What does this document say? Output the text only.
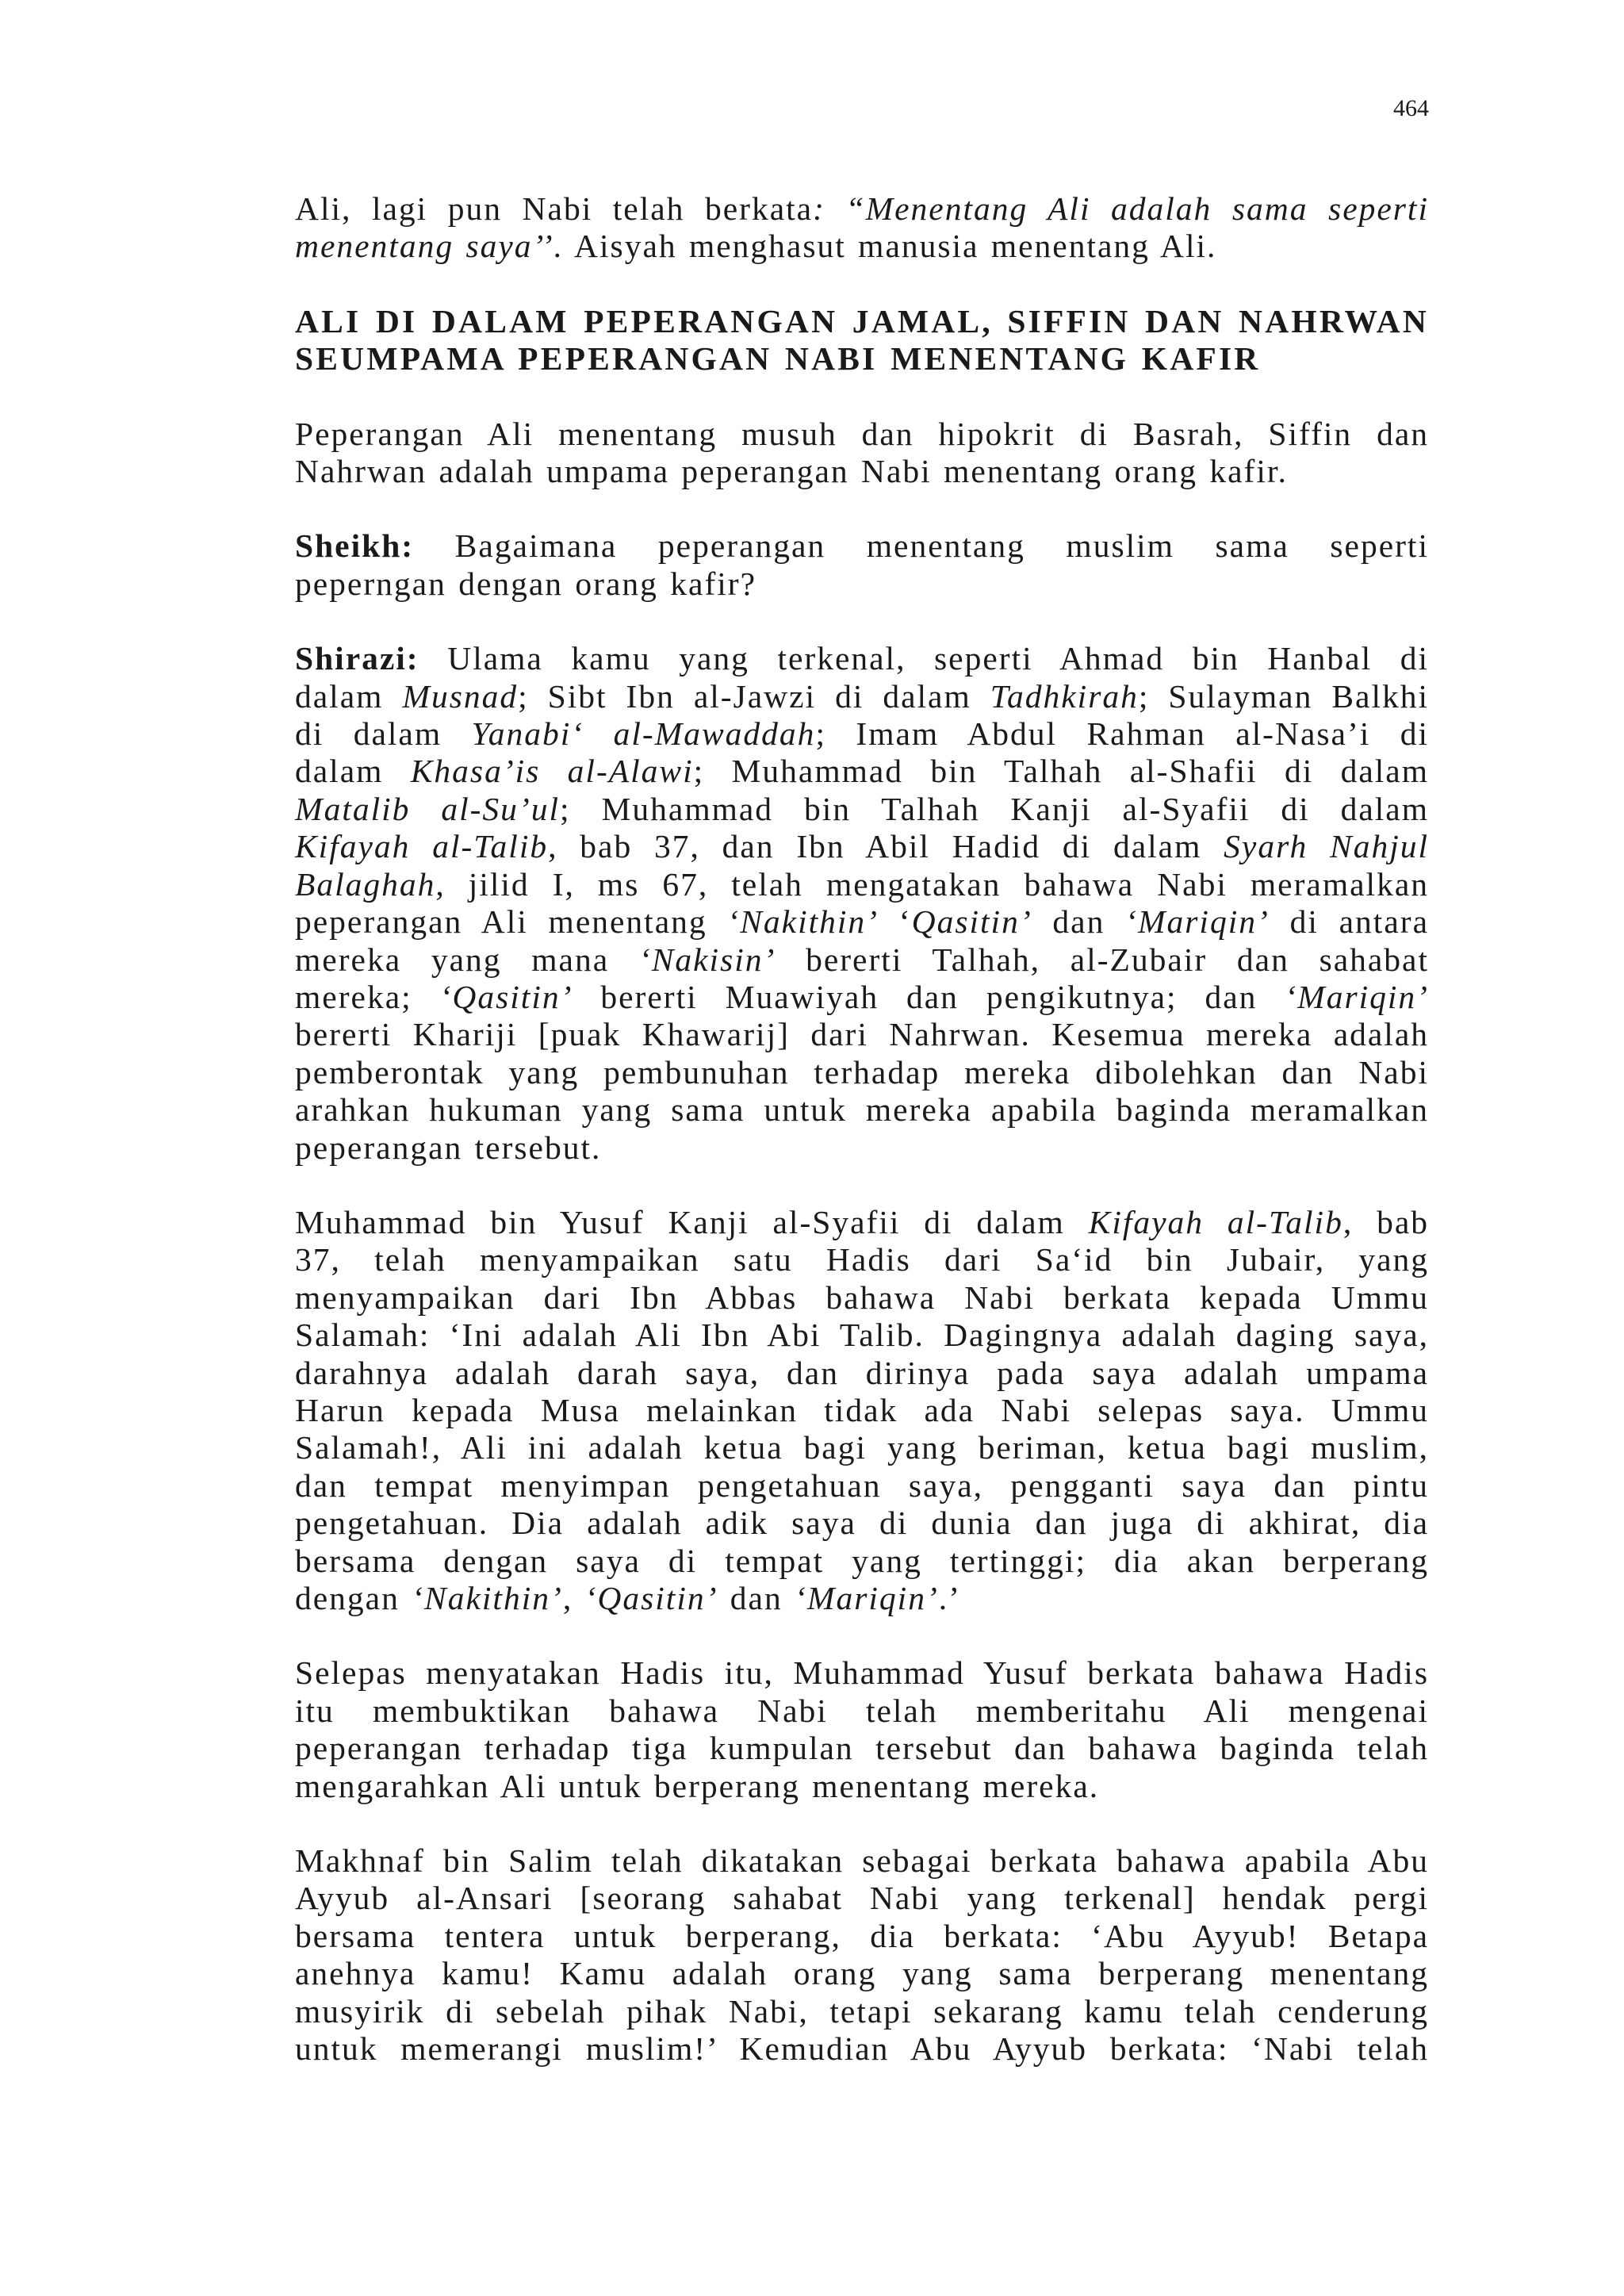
464

Ali, lagi pun Nabi telah berkata: “Menentang Ali adalah sama seperti
menentang saya’’. Aisyah menghasut manusia menentang Ali.

ALI DI DALAM PEPERANGAN JAMAL, SIFFIN DAN NAHRWAN
SEUMPAMA PEPERANGAN NABI MENENTANG KAFIR

Peperangan Ali menentang musuh dan hipokrit di Basrah, Siffin dan
Nahrwan adalah umpama peperangan Nabi menentang orang kafir.

Sheikh: Bagaimana peperangan menentang muslim sama seperti
peperngan dengan orang kafir?

Shirazi: Ulama kamu yang terkenal, seperti Ahmad bin Hanbal di
dalam Musnad; Sibt Ibn al-Jawzi di dalam Tadhkirah; Sulayman Balkhi
di dalam Yanabi‘ al-Mawaddah; Imam Abdul Rahman al-Nasa’i di
dalam Khasa’is al-Alawi; Muhammad bin Talhah al-Shafii di dalam
Matalib al-Su’ul; Muhammad bin Talhah Kanji al-Syafii di dalam
Kifayah al-Talib, bab 37, dan Ibn Abil Hadid di dalam Syarh Nahjul
Balaghah, jilid I, ms 67, telah mengatakan bahawa Nabi meramalkan
peperangan Ali menentang ‘Nakithin’ ‘Qasitin’ dan ‘Mariqin’ di antara
mereka yang mana ‘Nakisin’ bererti Talhah, al-Zubair dan sahabat
mereka; ‘Qasitin’ bererti Muawiyah dan pengikutnya; dan ‘Mariqin’
bererti Khariji [puak Khawarij] dari Nahrwan. Kesemua mereka adalah
pemberontak yang pembunuhan terhadap mereka dibolehkan dan Nabi
arahkan hukuman yang sama untuk mereka apabila baginda meramalkan
peperangan tersebut.

Muhammad bin Yusuf Kanji al-Syafii di dalam Kifayah al-Talib, bab
37, telah menyampaikan satu Hadis dari Sa‘id bin Jubair, yang
menyampaikan dari Ibn Abbas bahawa Nabi berkata kepada Ummu
Salamah: ‘Ini adalah Ali Ibn Abi Talib. Dagingnya adalah daging saya,
darahnya adalah darah saya, dan dirinya pada saya adalah umpama
Harun kepada Musa melainkan tidak ada Nabi selepas saya. Ummu
Salamah!, Ali ini adalah ketua bagi yang beriman, ketua bagi muslim,
dan tempat menyimpan pengetahuan saya, pengganti saya dan pintu
pengetahuan. Dia adalah adik saya di dunia dan juga di akhirat, dia
bersama dengan saya di tempat yang tertinggi; dia akan berperang
dengan ‘Nakithin’, ‘Qasitin’ dan ‘Mariqin’.’

Selepas menyatakan Hadis itu, Muhammad Yusuf berkata bahawa Hadis
itu membuktikan bahawa Nabi telah memberitahu Ali mengenai
peperangan terhadap tiga kumpulan tersebut dan bahawa baginda telah
mengarahkan Ali untuk berperang menentang mereka.

Makhnaf bin Salim telah dikatakan sebagai berkata bahawa apabila Abu
Ayyub al-Ansari [seorang sahabat Nabi yang terkenal] hendak pergi
bersama tentera untuk berperang, dia berkata: ‘Abu Ayyub! Betapa
anehnya kamu! Kamu adalah orang yang sama berperang menentang
musyirik di sebelah pihak Nabi, tetapi sekarang kamu telah cenderung
untuk memerangi muslim!’ Kemudian Abu Ayyub berkata: ‘Nabi telah
